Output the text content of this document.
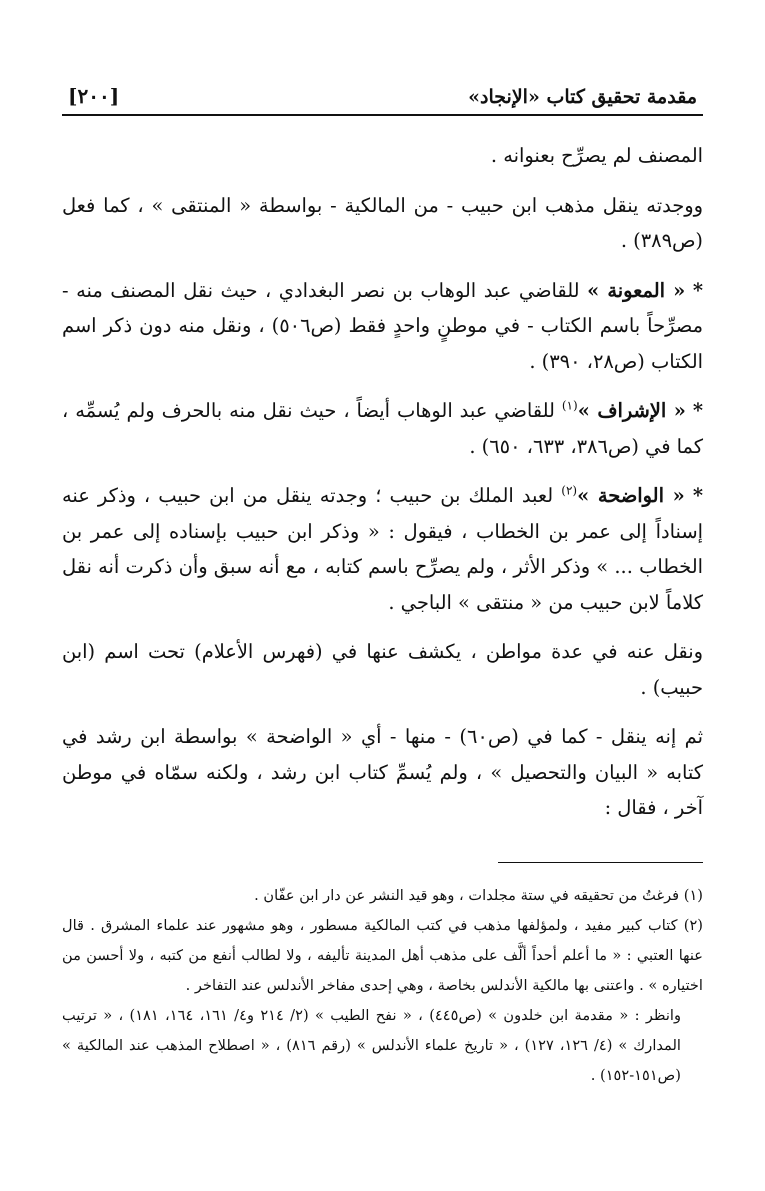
مقدمة تحقيق كتاب «الإنجاد»
[٢٠٠]

المصنف لم يصرِّح بعنوانه .

ووجدته ينقل مذهب ابن حبيب - من المالكية - بواسطة « المنتقى » ، كما فعل (ص٣٨٩) .

* « المعونة » للقاضي عبد الوهاب بن نصر البغدادي ، حيث نقل المصنف منه - مصرِّحاً باسم الكتاب - في موطنٍ واحدٍ فقط (ص٥٠٦) ، ونقل منه دون ذكر اسم الكتاب (ص٢٨، ٣٩٠) .

* « الإشراف »$^{(١)}$ للقاضي عبد الوهاب أيضاً ، حيث نقل منه بالحرف ولم يُسمِّه ، كما في (ص٣٨٦، ٦٣٣، ٦٥٠) .

* « الواضحة »$^{(٢)}$ لعبد الملك بن حبيب ؛ وجدته ينقل من ابن حبيب ، وذكر عنه إسناداً إلى عمر بن الخطاب ، فيقول : « وذكر ابن حبيب بإسناده إلى عمر بن الخطاب ... » وذكر الأثر ، ولم يصرِّح باسم كتابه ، مع أنه سبق وأن ذكرت أنه نقل كلاماً لابن حبيب من « منتقى » الباجي .

ونقل عنه في عدة مواطن ، يكشف عنها في (فهرس الأعلام) تحت اسم (ابن حبيب) .

ثم إنه ينقل - كما في (ص٦٠) - منها - أي « الواضحة » بواسطة ابن رشد في كتابه « البيان والتحصيل » ، ولم يُسمِّ كتاب ابن رشد ، ولكنه سمّاه في موطن آخر ، فقال :

(١) فرغتُ من تحقيقه في ستة مجلدات ، وهو قيد النشر عن دار ابن عفّان .

(٢) كتاب كبير مفيد ، ولمؤلفها مذهب في كتب المالكية مسطور ، وهو مشهور عند علماء المشرق . قال عنها العتبي : « ما أعلم أحداً ألَّف على مذهب أهل المدينة تأليفه ، ولا لطالب أنفع من كتبه ، ولا أحسن من اختياره » . واعتنى بها مالكية الأندلس بخاصة ، وهي إحدى مفاخر الأندلس عند التفاخر .

وانظر : « مقدمة ابن خلدون » (ص٤٤٥) ، « نفح الطيب » (٢/ ٢١٤ و٤/ ١٦١، ١٦٤، ١٨١) ، « ترتيب المدارك » (٤/ ١٢٦، ١٢٧) ، « تاريخ علماء الأندلس » (رقم ٨١٦) ، « اصطلاح المذهب عند المالكية » (ص١٥١-١٥٢) .
